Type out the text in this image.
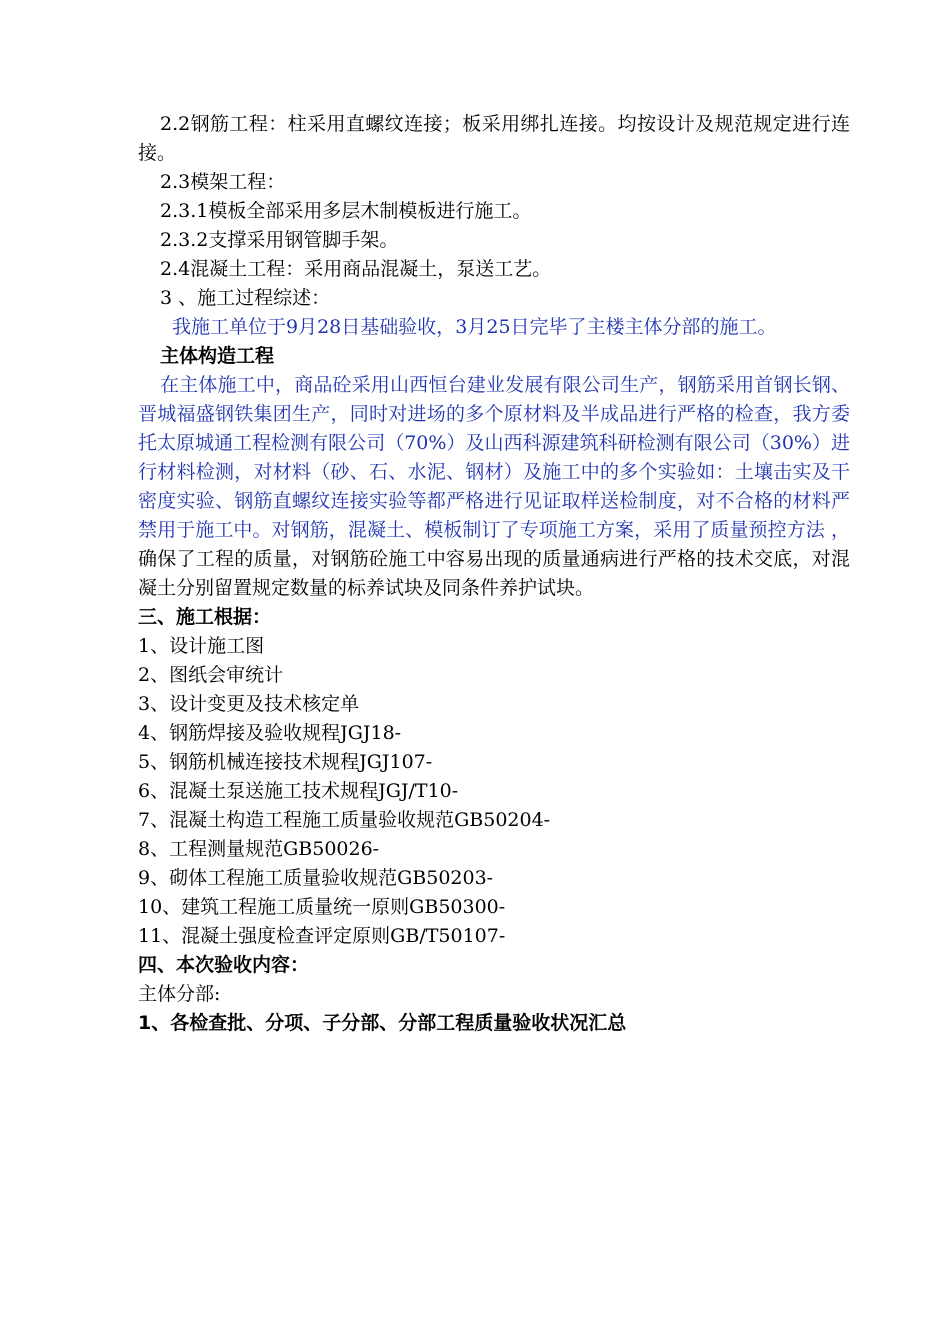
2.2钢筋工程：柱采用直螺纹连接；板采用绑扎连接。均按设计及规范规定进行连接。
2.3模架工程：
2.3.1模板全部采用多层木制模板进行施工。
2.3.2支撑采用钢管脚手架。
2.4混凝土工程：采用商品混凝土，泵送工艺。
3 、施工过程综述：
我施工单位于9月28日基础验收，3月25日完毕了主楼主体分部的施工。
主体构造工程
在主体施工中，商品砼采用山西恒台建业发展有限公司生产，钢筋采用首钢长钢、晋城福盛钢铁集团生产，同时对进场的多个原材料及半成品进行严格的检查，我方委托太原城通工程检测有限公司（70%）及山西科源建筑科研检测有限公司（30%）进行材料检测，对材料（砂、石、水泥、钢材）及施工中的多个实验如：土壤击实及干密度实验、钢筋直螺纹连接实验等都严格进行见证取样送检制度，对不合格的材料严禁用于施工中。对钢筋，混凝土、模板制订了专项施工方案，采用了质量预控方法 ，确保了工程的质量，对钢筋砼施工中容易出现的质量通病进行严格的技术交底，对混凝土分别留置规定数量的标养试块及同条件养护试块。
三、施工根据：
1、设计施工图
2、图纸会审统计
3、设计变更及技术核定单
4、钢筋焊接及验收规程JGJ18-
5、钢筋机械连接技术规程JGJ107-
6、混凝土泵送施工技术规程JGJ/T10-
7、混凝土构造工程施工质量验收规范GB50204-
8、工程测量规范GB50026-
9、砌体工程施工质量验收规范GB50203-
10、建筑工程施工质量统一原则GB50300-
11、混凝土强度检查评定原则GB/T50107-
四、本次验收内容：
主体分部:
1、各检查批、分项、子分部、分部工程质量验收状况汇总
